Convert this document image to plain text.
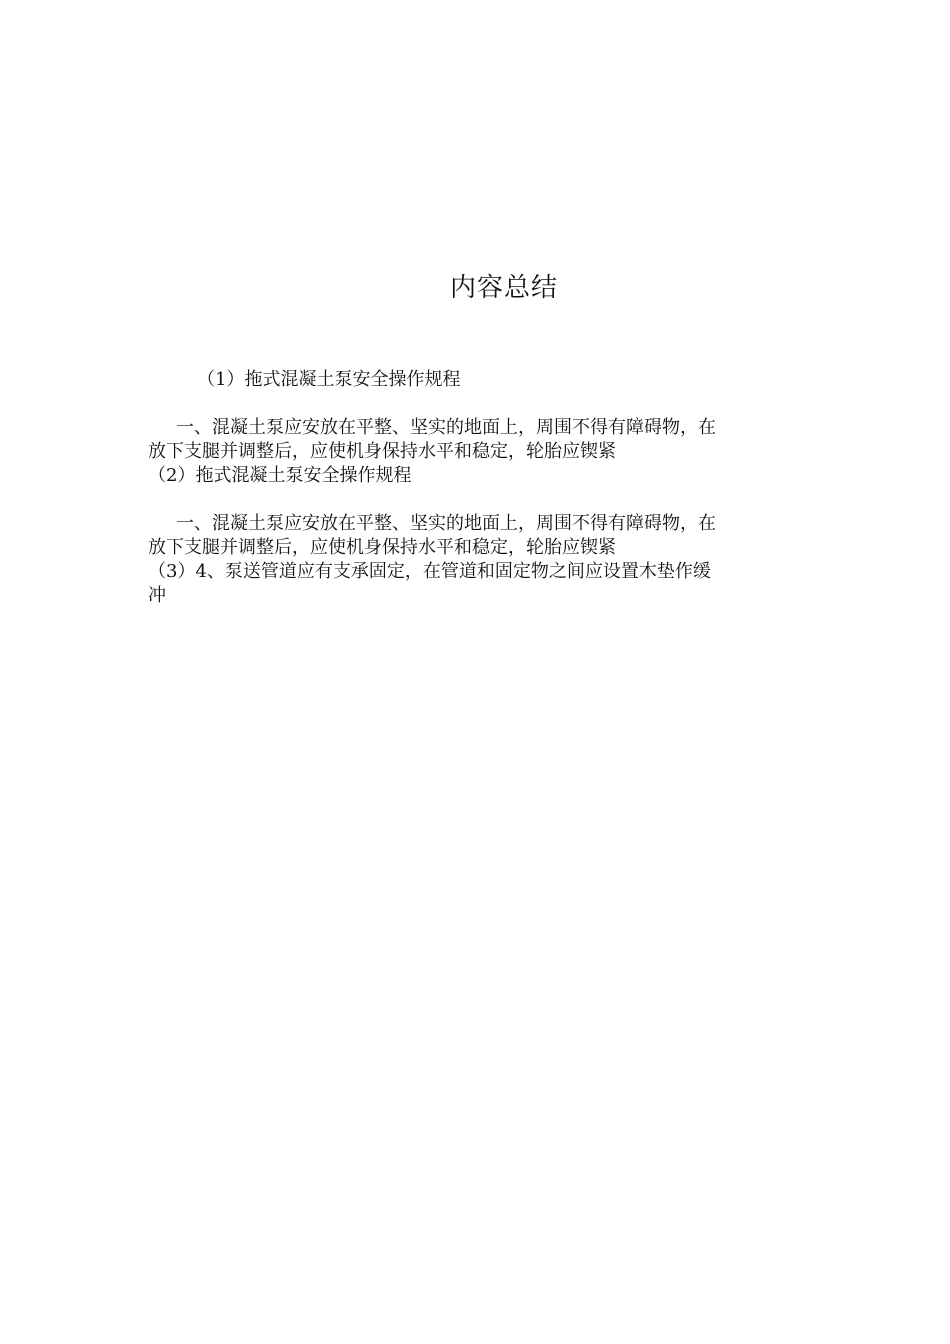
内容总结
（1）拖式混凝土泵安全操作规程
一、混凝土泵应安放在平整、坚实的地面上，周围不得有障碍物，在
放下支腿并调整后，应使机身保持水平和稳定，轮胎应锲紧
（2）拖式混凝土泵安全操作规程
一、混凝土泵应安放在平整、坚实的地面上，周围不得有障碍物，在
放下支腿并调整后，应使机身保持水平和稳定，轮胎应锲紧
（3）4、泵送管道应有支承固定，在管道和固定物之间应设置木垫作缓
冲
